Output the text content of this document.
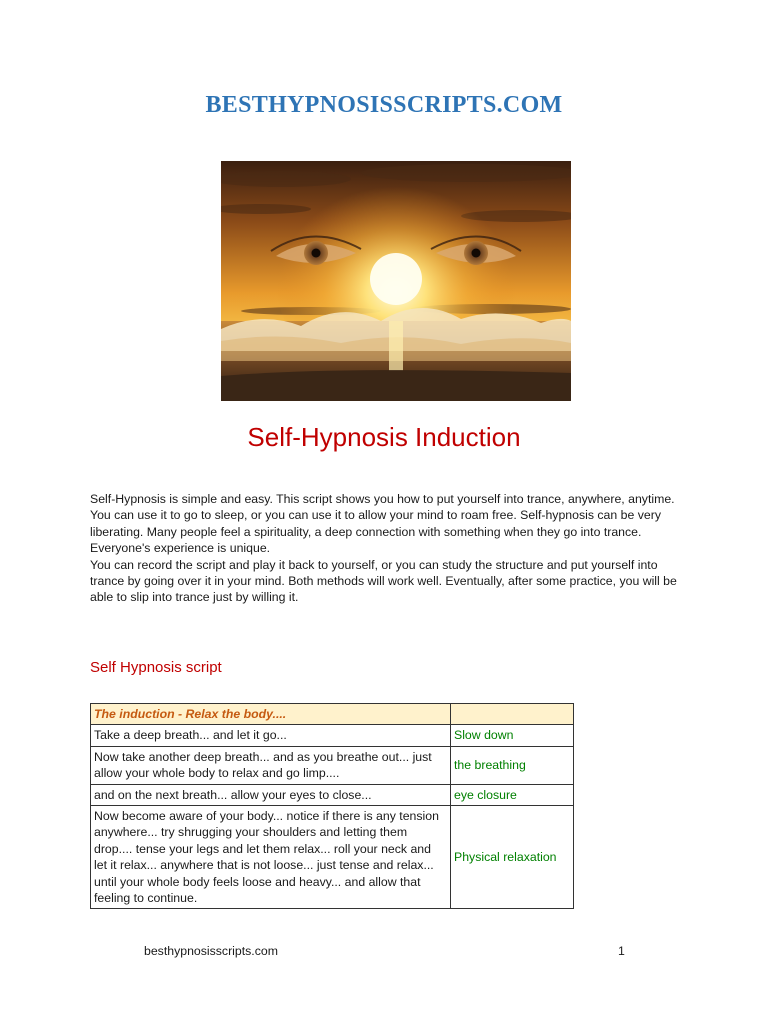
BESTHYPNOSISSCRIPTS.COM
Self-Hypnosis Induction

Self-Hypnosis is simple and easy. This script shows you how to put yourself into trance, anywhere, anytime. You can use it to go to sleep, or you can use it to allow your mind to roam free. Self-hypnosis can be very liberating. Many people feel a spirituality, a deep connection with something when they go into trance. Everyone's experience is unique.

You can record the script and play it back to yourself, or you can study the structure and put yourself into trance by going over it in your mind. Both methods will work well. Eventually, after some practice, you will be able to slip into trance just by willing it.

Self Hypnosis script
The induction - Relax the body....	
Take a deep breath... and let it go...	Slow down
Now take another deep breath... and as you breathe out... just allow your whole body to relax and go limp....	the breathing
and on the next breath... allow your eyes to close...	eye closure
Now become aware of your body... notice if there is any tension anywhere... try shrugging your shoulders and letting them drop.... tense your legs and let them relax... roll your neck and let it relax... anywhere that is not loose... just tense and relax... until your whole body feels loose and heavy... and allow that feeling to continue.	Physical relaxation
besthypnosisscripts.com	1
